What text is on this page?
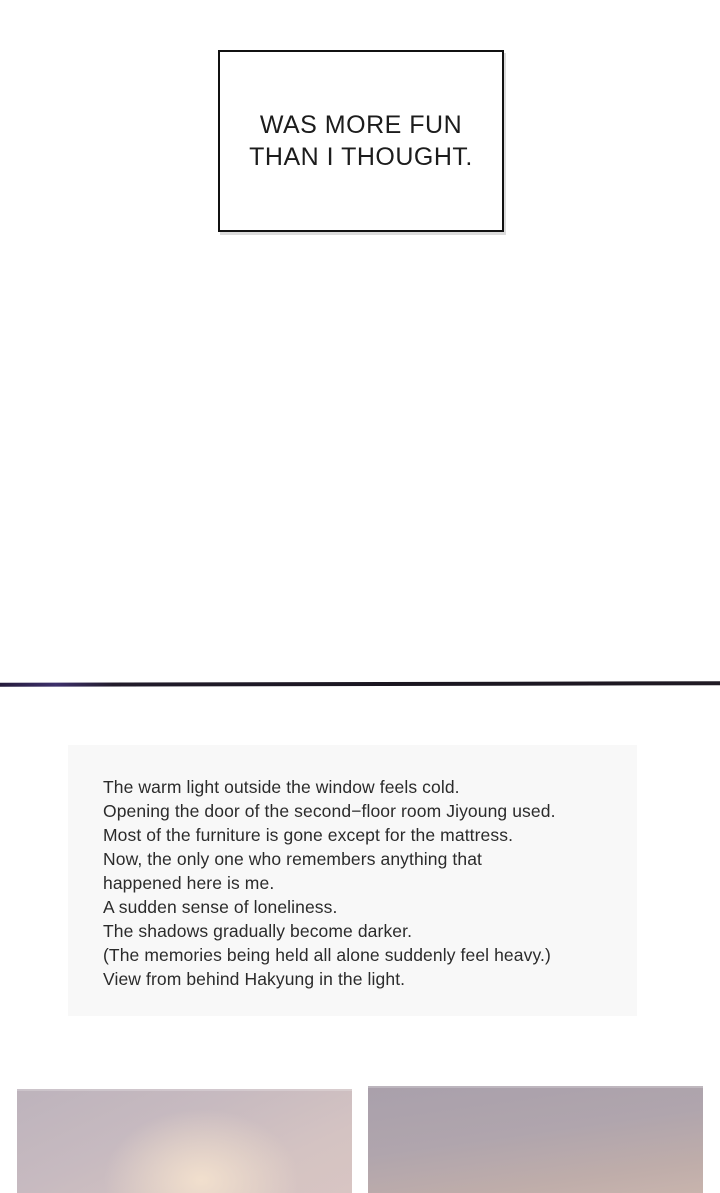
WAS MORE FUN
THAN I THOUGHT.
The warm light outside the window feels cold.
Opening the door of the second−floor room Jiyoung used.
Most of the furniture is gone except for the mattress.
Now, the only one who remembers anything that
happened here is me.
A sudden sense of loneliness.
The shadows gradually become darker.
(The memories being held all alone suddenly feel heavy.)
View from behind Hakyung in the light.
